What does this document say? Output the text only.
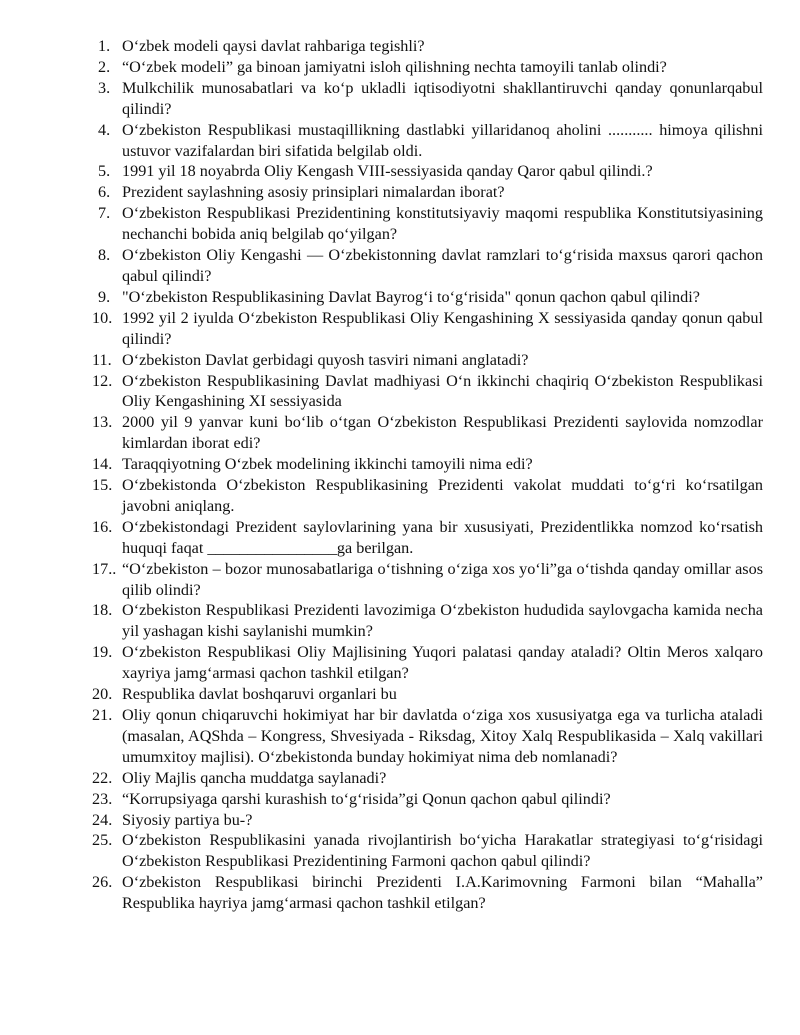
1. O‘zbek modeli qaysi davlat rahbariga tegishli?
2. “O‘zbek modeli” ga binoan jamiyatni isloh qilishning nechta tamoyili tanlab olindi?
3. Mulkchilik munosabatlari va ko‘p ukladli iqtisodiyotni shakllantiruvchi qanday qonunlarqabul qilindi?
4. O‘zbekiston Respublikasi mustaqillikning dastlabki yillaridanoq aholini ........... himoya qilishni ustuvor vazifalardan biri sifatida belgilab oldi.
5. 1991 yil 18 noyabrda Oliy Kengash VIII-sessiyasida qanday Qaror qabul qilindi.?
6. Prezident saylashning asosiy prinsiplari nimalardan iborat?
7. O‘zbekiston Respublikasi Prezidentining konstitutsiyaviy maqomi respublika Konstitutsiyasining nechanchi bobida aniq belgilab qo‘yilgan?
8. O‘zbekiston Oliy Kengashi — O‘zbekistonning davlat ramzlari to‘g‘risida maxsus qarori qachon qabul qilindi?
9. "O‘zbekiston Respublikasining Davlat Bayrog‘i to‘g‘risida" qonun qachon qabul qilindi?
10. 1992 yil 2 iyulda O‘zbekiston Respublikasi Oliy Kengashining X sessiyasida qanday qonun qabul qilindi?
11. O‘zbekiston Davlat gerbidagi quyosh tasviri nimani anglatadi?
12. O‘zbekiston Respublikasining Davlat madhiyasi O‘n ikkinchi chaqiriq O‘zbekiston Respublikasi Oliy Kengashining XI sessiyasida
13. 2000 yil 9 yanvar kuni bo‘lib o‘tgan O‘zbekiston Respublikasi Prezidenti saylovida nomzodlar kimlardan iborat edi?
14. Taraqqiyotning O‘zbek modelining ikkinchi tamoyili nima edi?
15. O‘zbekistonda O‘zbekiston Respublikasining Prezidenti vakolat muddati to‘g‘ri ko‘rsatilgan javobni aniqlang.
16. O‘zbekistondagi Prezident saylovlarining yana bir xususiyati, Prezidentlikka nomzod ko‘rsatish huquqi faqat ________________ga berilgan.
17.. “O‘zbekiston – bozor munosabatlariga o‘tishning o‘ziga xos yo‘li”ga o‘tishda qanday omillar asos qilib olindi?
18. O‘zbekiston Respublikasi Prezidenti lavozimiga O‘zbekiston hududida saylovgacha kamida necha yil yashagan kishi saylanishi mumkin?
19. O‘zbekiston Respublikasi Oliy Majlisining Yuqori palatasi qanday ataladi? Oltin Meros xalqaro xayriya jamg‘armasi qachon tashkil etilgan?
20. Respublika davlat boshqaruvi organlari bu
21. Oliy qonun chiqaruvchi hokimiyat har bir davlatda o‘ziga xos xususiyatga ega va turlicha ataladi (masalan, AQShda – Kongress, Shvesiyada - Riksdag, Xitoy Xalq Respublikasida – Xalq vakillari umumxitoy majlisi). O‘zbekistonda bunday hokimiyat nima deb nomlanadi?
22. Oliy Majlis qancha muddatga saylanadi?
23. “Korrupsiyaga qarshi kurashish to‘g‘risida”gi Qonun qachon qabul qilindi?
24. Siyosiy partiya bu-?
25. O‘zbekiston Respublikasini yanada rivojlantirish bo‘yicha Harakatlar strategiyasi to‘g‘risidagi O‘zbekiston Respublikasi Prezidentining Farmoni qachon qabul qilindi?
26. O‘zbekiston Respublikasi birinchi Prezidenti I.A.Karimovning Farmoni bilan “Mahalla” Respublika hayriya jamg‘armasi qachon tashkil etilgan?
